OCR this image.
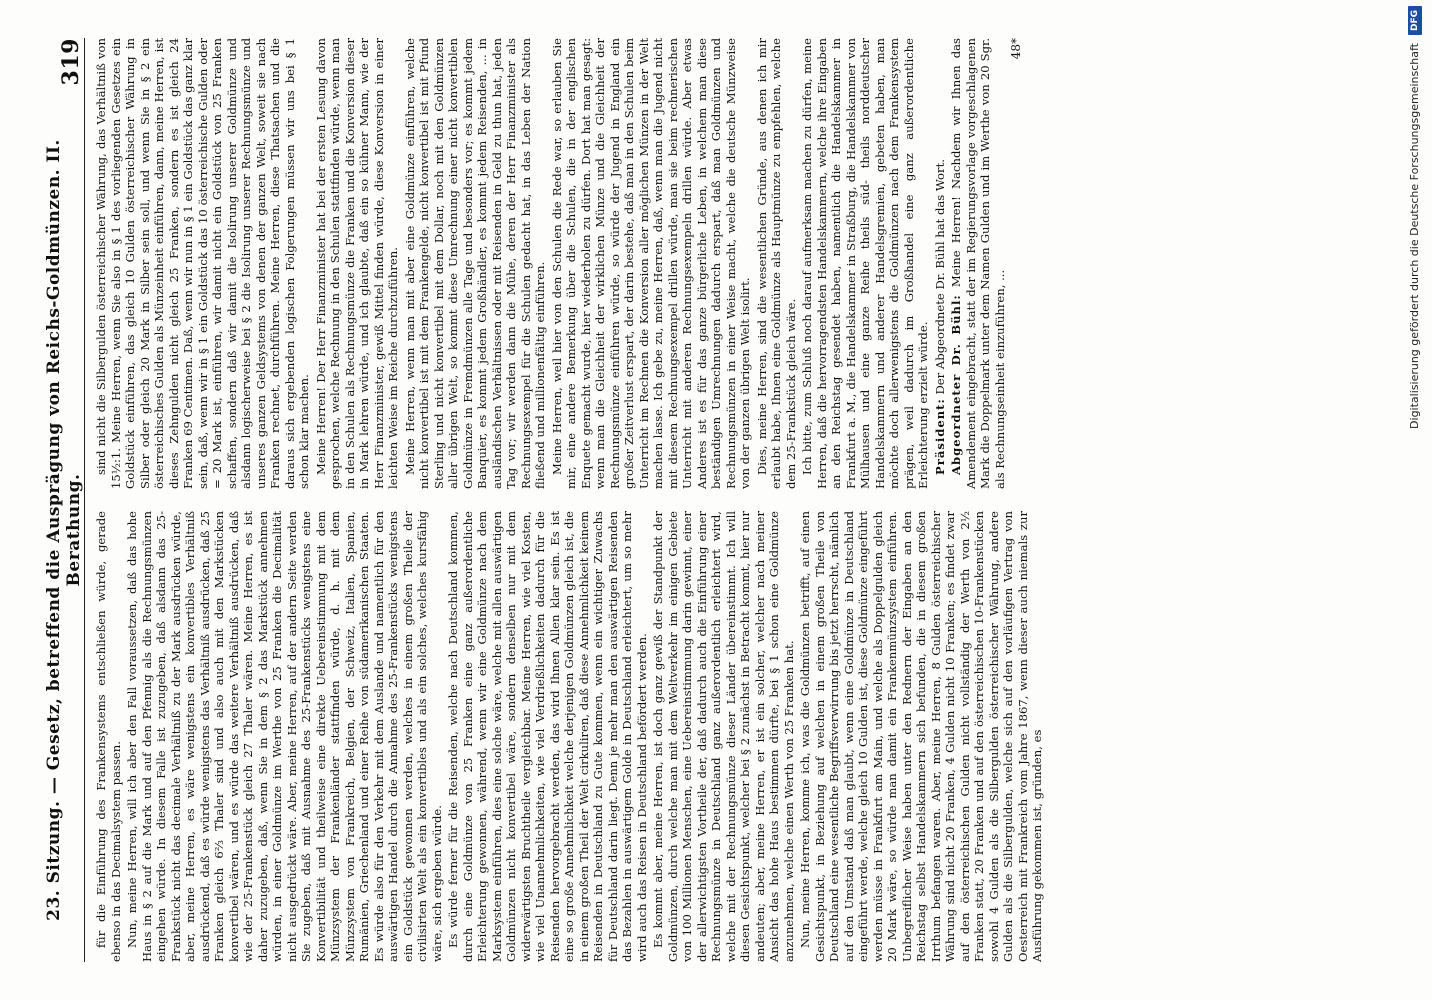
23. Sitzung. — Gesetz, betreffend die Ausprägung von Reichs-Goldmünzen. II. Berathung.
319

für die Einführung des Frankensystems entschließen würde, gerade ebenso in das Decimalsystem passen. Nun, meine Herren, will ich aber den Fall voraussetzen, daß das hohe Haus in § 2 auf die Mark und auf den Pfennig als die Rechnungsmünzen eingehen würde. In diesem Falle ist zuzugeben, daß alsdann das 25-Frankstück nicht das decimale Verhältniß zu der Mark ausdrücken würde, aber, meine Herren, es wäre wenigstens ein konvertibles Verhältniß ausdrückend, daß es würde wenigstens das Verhältniß ausdrücken, daß 25 Franken gleich 6⅔ Thaler sind und also auch mit den Markstücken konvertibel wären, und es würde das weitere Verhältniß ausdrücken, daß wie der 25-Frankenstück gleich 27 Thaler wären. Meine Herren, es ist daher zuzugeben, daß, wenn Sie in dem § 2 das Markstück annehmen würden, in einer Goldmünze im Werthe von 25 Franken die Decimalität nicht ausgedrückt wäre. Aber, meine Herren, auf der andern Seite werden Sie zugeben, daß mit Ausnahme des 25-Frankenstücks wenigstens eine Konvertibilität und theilweise eine direkte Uebereinstimmung mit dem Münzsystem der Frankenländer stattfinden würde, d. h. mit dem Münzsystem von Frankreich, Belgien, der Schweiz, Italien, Spanien, Rumänien, Griechenland und einer Reihe von südamerikanischen Staaten. Es würde also für den Verkehr mit dem Auslande und namentlich für den auswärtigen Handel durch die Annahme des 25-Frankenstücks wenigstens ein Goldstück gewonnen werden, welches in einem großen Theile der civilisirten Welt als ein konvertibles und als ein solches, welches kursfähig wäre, sich ergeben würde. Es würde ferner für die Reisenden, welche nach Deutschland kommen, durch eine Goldmünze von 25 Franken eine ganz außerordentliche Erleichterung gewonnen, während, wenn wir eine Goldmünze nach dem Marksystem einführen, dies eine solche wäre, welche mit allen auswärtigen Goldmünzen nicht konvertibel wäre, sondern denselben nur mit dem widerwärtigsten Bruchtheile vergleichbar. Meine Herren, wie viel Kosten, wie viel Unannehmlichkeiten, wie viel Verdrießlichkeiten dadurch für die Reisenden hervorgebracht werden, das wird Ihnen Allen klar sein. Es ist eine so große Annehmlichkeit welche derjenigen Goldmünzen gleich ist, die in einem großen Theil der Welt cirkuliren, daß diese Annehmlichkeit keinem Reisenden in Deutschland zu Gute kommen, wenn ein wichtiger Zuwachs für Deutschland darin liegt. Denn je mehr man den auswärtigen Reisenden das Bezahlen in auswärtigem Golde in Deutschland erleichtert, um so mehr wird auch das Reisen in Deutschland befördert werden. Es kommt aber, meine Herren, ist doch ganz gewiß der Standpunkt der Goldmünzen, durch welche man mit dem Weltverkehr im einigen Gebiete von 100 Millionen Menschen, eine Uebereinstimmung darin gewinnt, einer der allerwichtigsten Vortheile der, daß dadurch auch die Einführung einer Rechnungsmünze in Deutschland ganz außerordentlich erleichtert wird, welche mit der Rechnungsmünze dieser Länder übereinstimmt. Ich will diesen Gesichtspunkt, welcher bei § 2 zunächst in Betracht kommt, hier nur andeuten; aber, meine Herren, er ist ein solcher, welcher nach meiner Ansicht das hohe Haus bestimmen dürfte, bei § 1 schon eine Goldmünze anzunehmen, welche einen Werth von 25 Franken hat. Nun, meine Herren, komme ich, was die Goldmünzen betrifft, auf einen Gesichtspunkt, in Beziehung auf welchen in einem großen Theile von Deutschland eine wesentliche Begriffsverwirrung bis jetzt herrscht, nämlich auf den Umstand daß man glaubt, wenn eine Goldmünze in Deutschland eingeführt werde, welche gleich 10 Gulden ist, diese Goldmünze eingeführt werden müsse in Frankfurt am Main, und welche als Doppelgulden gleich 20 Mark wäre, so würde man damit ein Frankenmünzsystem einführen. Unbegreiflicher Weise haben unter den Rednern der Eingaben an den Reichstag selbst Handelskammern sich befunden, die in diesem großen Irrthum befangen waren. Aber, meine Herren, 8 Gulden österreichischer Währung sind nicht 20 Franken, 4 Gulden nicht 10 Franken; es findet zwar auf den österreichischen Gulden nicht vollständig der Werth von 2½ Franken statt, 20 Franken und auf den österreichischen 10-Frankenstücken sowohl 4 Gulden als die Silbergulden österreichischer Währung, andere Gulden als die Silbergulden, welche sich auf den vorläufigen Vertrag von Oesterreich mit Frankreich vom Jahre 1867, wenn dieser auch niemals zur Ausführung gekommen ist, gründen, es

sind nicht die Silbergulden österreichischer Währung, das Verhältniß von 15½:1. Meine Herren, wenn Sie also in § 1 des vorliegenden Gesetzes ein Goldstück einführen, das gleich 10 Gulden österreichischer Währung in Silber oder gleich 20 Mark in Silber sein soll, und wenn Sie in § 2 ein österreichisches Gulden als Münzeinheit einführen, dann, meine Herren, ist dieses Zehngulden nicht gleich 25 Franken, sondern es ist gleich 24 Franken 69 Centimen. Daß, wenn wir nun in § 1 ein Goldstück das ganz klar sein, daß, wenn wir in § 1 ein Goldstück das 10 österreichische Gulden oder = 20 Mark ist, einführen, wir damit nicht ein Goldstück von 25 Franken schaffen, sondern daß wir damit die Isolirung unserer Goldmünze und alsdann logischerweise bei § 2 die Isolirung unserer Rechnungsmünze und unseres ganzen Geldsystems von denen der ganzen Welt, soweit sie nach Franken rechnet, durchführen. Meine Herren, diese Thatsachen und die daraus sich ergebenden logischen Folgerungen müssen wir uns bei § 1 schon klar machen. Meine Herren! Der Herr Finanzminister hat bei der ersten Lesung davon gesprochen, welche Rechnung in den Schulen stattfinden würde, wenn man in den Schulen als Rechnungsmünze die Franken und die Konversion dieser in Mark lehren würde, und ich glaubte, daß ein so kühner Mann, wie der Herr Finanzminister, gewiß Mittel finden würde, diese Konversion in einer leichten Weise im Reiche durchzuführen. Meine Herren, wenn man mit aber eine Goldmünze einführen, welche nicht konvertibel ist mit dem Frankengelde, nicht konvertibel ist mit Pfund Sterling und nicht konvertibel mit dem Dollar, noch mit den Goldmünzen aller übrigen Welt, so kommt diese Umrechnung einer nicht konvertiblen Goldmünze in Fremdmünzen alle Tage und besonders vor; es kommt jedem Banquier, es kommt jedem Großhändler, es kommt jedem Reisenden, ... in ausländischen Verhältnissen oder mit Reisenden in Geld zu thun hat, jeden Tag vor; wir werden dann die Mühe, deren der Herr Finanzminister als Rechnungsexempel für die Schulen gedacht hat, in das Leben der Nation fließend und millionenfältig einführen. Meine Herren, weil hier von den Schulen die Rede war, so erlauben Sie mir, eine andere Bemerkung über die Schulen, die in der englischen Enquete gemacht wurde, hier wiederholen zu dürfen. Dort hat man gesagt: wenn man die Gleichheit der wirklichen Münze und die Gleichheit der Rechnungsmünze einführen würde, so würde der Jugend in England ein großer Zeitverlust erspart, der darin bestehe, daß man in den Schulen beim Unterricht im Rechnen die Konversion aller möglichen Münzen in der Welt machen lasse. Ich gebe zu, meine Herren, daß, wenn man die Jugend nicht mit diesem Rechnungsexempel drillen würde, man sie beim rechnerischen Unterricht mit anderen Rechnungsexempeln drillen würde. Aber etwas Anderes ist es für das ganze bürgerliche Leben, in welchem man diese beständigen Umrechnungen dadurch erspart, daß man Goldmünzen und Rechnungsmünzen in einer Weise macht, welche die deutsche Münzweise von der ganzen übrigen Welt isolirt. Dies, meine Herren, sind die wesentlichen Gründe, aus denen ich mir erlaubt habe, Ihnen eine Goldmünze als Hauptmünze zu empfehlen, welche dem 25-Frankstück gleich wäre. Ich bitte, zum Schluß noch darauf aufmerksam machen zu dürfen, meine Herren, daß die hervorragendsten Handelskammern, welche ihre Eingaben an den Reichstag gesendet haben, namentlich die Handelskammer in Frankfurt a. M., die Handelskammer in Straßburg, die Handelskammer von Mülhausen und eine ganze Reihe theils süd- theils norddeutscher Handelskammern und anderer Handelsgremien, gebeten haben, man möchte doch allerwenigstens die Goldmünzen nach dem Frankensystem prägen, weil dadurch im Großhandel eine ganz außerordentliche Erleichterung erzielt würde. Präsident: Der Abgeordnete Dr. Bühl hat das Wort. Abgeordneter Dr. Bühl: Meine Herren! Nachdem wir Ihnen das Amendement eingebracht, statt der im Regierungsvorlage vorgeschlagenen Mark die Doppelmark unter dem Namen Gulden und im Werthe von 20 Sgr. als Rechnungseinheit einzuführen, ...

48*	Digitalisierung gefördert durch die Deutsche Forschungsgemeinschaft
DFG
